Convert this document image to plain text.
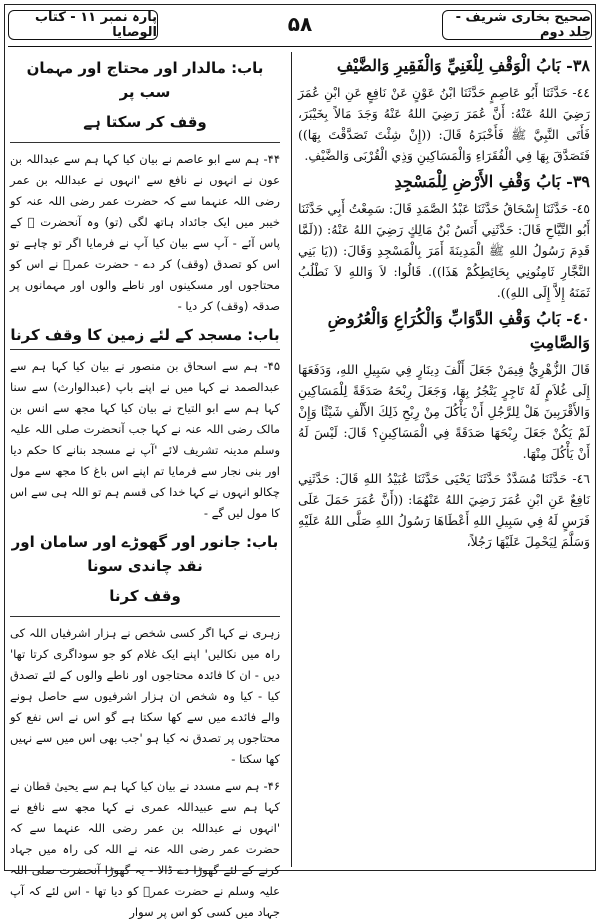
صحیح بخاری شریف - جلد دوم
۵۸
پارہ نمبر ۱۱ - کتاب الوصایا
٣٨- بَابُ الْوَقْفِ لِلْغَنِيِّ وَالْفَقِيرِ وَالضَّيْفِ

٤٤- حَدَّثَنَا أَبُو عَاصِمٍ حَدَّثَنَا ابْنُ عَوْنٍ عَنْ نَافِعٍ عَنِ ابْنِ عُمَرَ رَضِيَ اللهُ عَنْهُ: أَنَّ عُمَرَ رَضِيَ اللهُ عَنْهُ وَجَدَ مَالاً بِخَيْبَرَ، فَأَتَى النَّبِيَّ ﷺ فَأَخْبَرَهُ قَالَ: ((إِنْ شِئْتَ تَصَدَّقْتَ بِهَا)) فَتَصَدَّقَ بِهَا فِي الْفُقَرَاءِ وَالْمَسَاكِينِ وَذِي الْقُرْبَى وَالضَّيْفِ.

٣٩- بَابُ وَقْفِ الأَرْضِ لِلْمَسْجِدِ

٤٥- حَدَّثَنَا إِسْحَاقُ حَدَّثَنَا عَبْدُ الصَّمَدِ قَالَ: سَمِعْتُ أَبِي حَدَّثَنَا أَبُو التَّيَّاحِ قَالَ: حَدَّثَنِي أَنَسُ بْنُ مَالِكٍ رَضِيَ اللهُ عَنْهُ: ((لَمَّا قَدِمَ رَسُولُ اللهِ ﷺ الْمَدِينَةَ أَمَرَ بِالْمَسْجِدِ وَقَالَ: ((يَا بَنِي النَّجَّارِ ثَامِنُونِي بِحَائِطِكُمْ هَذَا)). قَالُوا: لاَ وَاللهِ لاَ نَطْلُبُ ثَمَنَهُ إِلاَّ إِلَى اللهِ)).

٤٠- بَابُ وَقْفِ الدَّوَابِّ وَالْكُرَاعِ وَالْعُرُوضِ وَالصَّامِتِ

قَالَ الزُّهْرِيُّ فِيمَنْ جَعَلَ أَلْفَ دِينَارٍ فِي سَبِيلِ اللهِ، وَدَفَعَهَا إِلَى غُلاَمٍ لَهُ تَاجِرٍ يَتْجُرُ بِهَا، وَجَعَلَ رِبْحَهُ صَدَقَةً لِلْمَسَاكِينِ وَالأَقْرَبِينَ هَلْ لِلرَّجُلِ أَنْ يَأْكُلَ مِنْ رِبْحِ ذَلِكَ الأَلْفِ شَيْئًا وَإِنْ لَمْ يَكُنْ جَعَلَ رِبْحَهَا صَدَقَةً فِي الْمَسَاكِينِ؟ قَالَ: لَيْسَ لَهُ أَنْ يَأْكُلَ مِنْهَا.

٤٦- حَدَّثَنَا مُسَدَّدٌ حَدَّثَنَا يَحْيَى حَدَّثَنَا عُبَيْدُ اللهِ قَالَ: حَدَّثَنِي نَافِعٌ عَنِ ابْنِ عُمَرَ رَضِيَ اللهُ عَنْهُمَا: ((أَنَّ عُمَرَ حَمَلَ عَلَى فَرَسٍ لَهُ فِي سَبِيلِ اللهِ أَعْطَاهَا رَسُولُ اللهِ صَلَّى اللهُ عَلَيْهِ وَسَلَّمَ لِيَحْمِلَ عَلَيْهَا رَجُلاً،

باب: مالدار اور محتاج اور مہمان سب پر
وقف کر سکتا ہے

۴۴- ہم سے ابو عاصم نے بیان کیا کہا ہم سے عبداللہ بن عون نے انہوں نے نافع سے 'انہوں نے عبداللہ بن عمر رضی اللہ عنہما سے کہ حضرت عمر رضی اللہ عنہ کو خیبر میں ایک جائداد ہاتھ لگی (تو) وہ آنحضرت ﷺ کے پاس آئے - آپ سے بیان کیا آپ نے فرمایا اگر تو چاہے تو اس کو تصدق (وقف) کر دے - حضرت عمرؓ نے اس کو محتاجوں اور مسکینوں اور ناطے والوں اور مہمانوں پر صدقہ (وقف) کر دیا -

باب: مسجد کے لئے زمین کا وقف کرنا

۴۵- ہم سے اسحاق بن منصور نے بیان کیا کہا ہم سے عبدالصمد نے کہا میں نے اپنے باپ (عبدالوارث) سے سنا کہا ہم سے ابو التیاح نے بیان کیا کہا مجھ سے انس بن مالک رضی اللہ عنہ نے کہا جب آنحضرت صلی اللہ علیہ وسلم مدینہ تشریف لائے 'آپ نے مسجد بنانے کا حکم دیا اور بنی نجار سے فرمایا تم اپنے اس باغ کا مجھ سے مول چکالو انہوں نے کہا خدا کی قسم ہم تو اللہ ہی سے اس کا مول لیں گے -

باب: جانور اور گھوڑے اور سامان اور نقد چاندی سونا
وقف کرنا

زہری نے کہا اگر کسی شخص نے ہزار اشرفیاں اللہ کی راہ میں نکالیں' اپنے ایک غلام کو جو سوداگری کرتا تھا' دیں - ان کا فائدہ محتاجوں اور ناطے والوں کے لئے تصدق کیا - کیا وہ شخص ان ہزار اشرفیوں سے حاصل ہونے والے فائدے میں سے کھا سکتا ہے گو اس نے اس نفع کو محتاجوں پر تصدق نہ کیا ہو 'جب بھی اس میں سے نہیں کھا سکتا -

۴۶- ہم سے مسدد نے بیان کیا کہا ہم سے یحییٰ قطان نے کہا ہم سے عبیداللہ عمری نے کہا مجھ سے نافع نے 'انہوں نے عبداللہ بن عمر رضی اللہ عنہما سے کہ حضرت عمر رضی اللہ عنہ نے اللہ کی راہ میں جہاد کرنے کے لئے گھوڑا دے ڈالا - یہ گھوڑا آنحضرت صلی اللہ علیہ وسلم نے حضرت عمرؓ کو دیا تھا - اس لئے کہ آپ جہاد میں کسی کو اس پر سوار
